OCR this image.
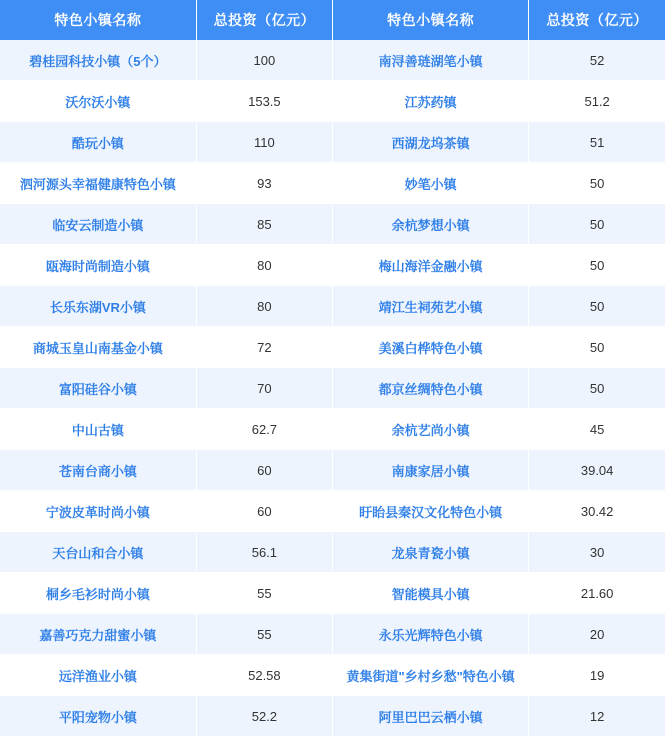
特色小镇名称	总投资（亿元）	特色小镇名称	总投资（亿元）
碧桂园科技小镇（5个）	100	南浔善琏湖笔小镇	52
沃尔沃小镇	153.5	江苏药镇	51.2
酷玩小镇	110	西湖龙坞茶镇	51
泗河源头幸福健康特色小镇	93	妙笔小镇	50
临安云制造小镇	85	余杭梦想小镇	50
瓯海时尚制造小镇	80	梅山海洋金融小镇	50
长乐东湖VR小镇	80	靖江生祠苑艺小镇	50
商城玉皇山南基金小镇	72	美溪白桦特色小镇	50
富阳硅谷小镇	70	都京丝绸特色小镇	50
中山古镇	62.7	余杭艺尚小镇	45
苍南台商小镇	60	南康家居小镇	39.04
宁波皮革时尚小镇	60	盱眙县秦汉文化特色小镇	30.42
天台山和合小镇	56.1	龙泉青瓷小镇	30
桐乡毛衫时尚小镇	55	智能模具小镇	21.60
嘉善巧克力甜蜜小镇	55	永乐光辉特色小镇	20
远洋渔业小镇	52.58	黄集街道"乡村乡愁"特色小镇	19
平阳宠物小镇	52.2	阿里巴巴云栖小镇	12
